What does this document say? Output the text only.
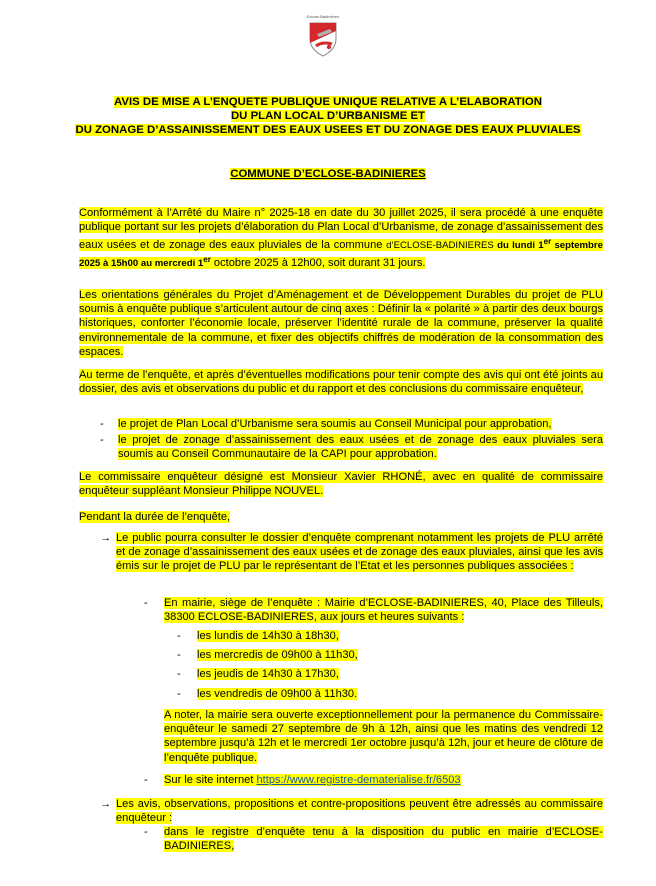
Eclose-Badinières
AVIS DE MISE A L’ENQUETE PUBLIQUE UNIQUE RELATIVE A L’ELABORATION
DU PLAN LOCAL D’URBANISME ET
DU ZONAGE D’ASSAINISSEMENT DES EAUX USEES ET DU ZONAGE DES EAUX PLUVIALES
COMMUNE D’ECLOSE-BADINIERES

Conformément à l’Arrêté du Maire n° 2025-18 en date du 30 juillet 2025, il sera procédé à une enquête publique portant sur les projets d’élaboration du Plan Local d’Urbanisme, de zonage d’assainissement des eaux usées et de zonage des eaux pluviales de la commune d’ECLOSE-BADINIERES du lundi 1er septembre 2025 à 15h00 au mercredi 1er octobre 2025 à 12h00, soit durant 31 jours.

Les orientations générales du Projet d’Aménagement et de Développement Durables du projet de PLU soumis à enquête publique s’articulent autour de cinq axes : Définir la « polarité » à partir des deux bourgs historiques, conforter l’économie locale, préserver l’identité rurale de la commune, préserver la qualité environnementale de la commune, et fixer des objectifs chiffrés de modération de la consommation des espaces.

Au terme de l’enquête, et après d’éventuelles modifications pour tenir compte des avis qui ont été joints au dossier, des avis et observations du public et du rapport et des conclusions du commissaire enquêteur,

- le projet de Plan Local d’Urbanisme sera soumis au Conseil Municipal pour approbation,
- le projet de zonage d’assainissement des eaux usées et de zonage des eaux pluviales sera soumis au Conseil Communautaire de la CAPI pour approbation.

Le commissaire enquêteur désigné est Monsieur Xavier RHONÉ, avec en qualité de commissaire enquêteur suppléant Monsieur Philippe NOUVEL.

Pendant la durée de l’enquête,

→ Le public pourra consulter le dossier d’enquête comprenant notamment les projets de PLU arrêté et de zonage d’assainissement des eaux usées et de zonage des eaux pluviales, ainsi que les avis émis sur le projet de PLU par le représentant de l’Etat et les personnes publiques associées :

- En mairie, siège de l’enquête : Mairie d’ECLOSE-BADINIERES, 40, Place des Tilleuls, 38300 ECLOSE-BADINIERES, aux jours et heures suivants :
- les lundis de 14h30 à 18h30,
- les mercredis de 09h00 à 11h30,
- les jeudis de 14h30 à 17h30,
- les vendredis de 09h00 à 11h30.

A noter, la mairie sera ouverte exceptionnellement pour la permanence du Commissaire-enquêteur le samedi 27 septembre de 9h à 12h, ainsi que les matins des vendredi 12 septembre jusqu’à 12h et le mercredi 1er octobre jusqu’à 12h, jour et heure de clôture de l’enquête publique.

- Sur le site internet https://www.registre-dematerialise.fr/6503
→ Les avis, observations, propositions et contre-propositions peuvent être adressés au commissaire enquêteur :

- dans le registre d’enquête tenu à la disposition du public en mairie d’ECLOSE-BADINIERES,
